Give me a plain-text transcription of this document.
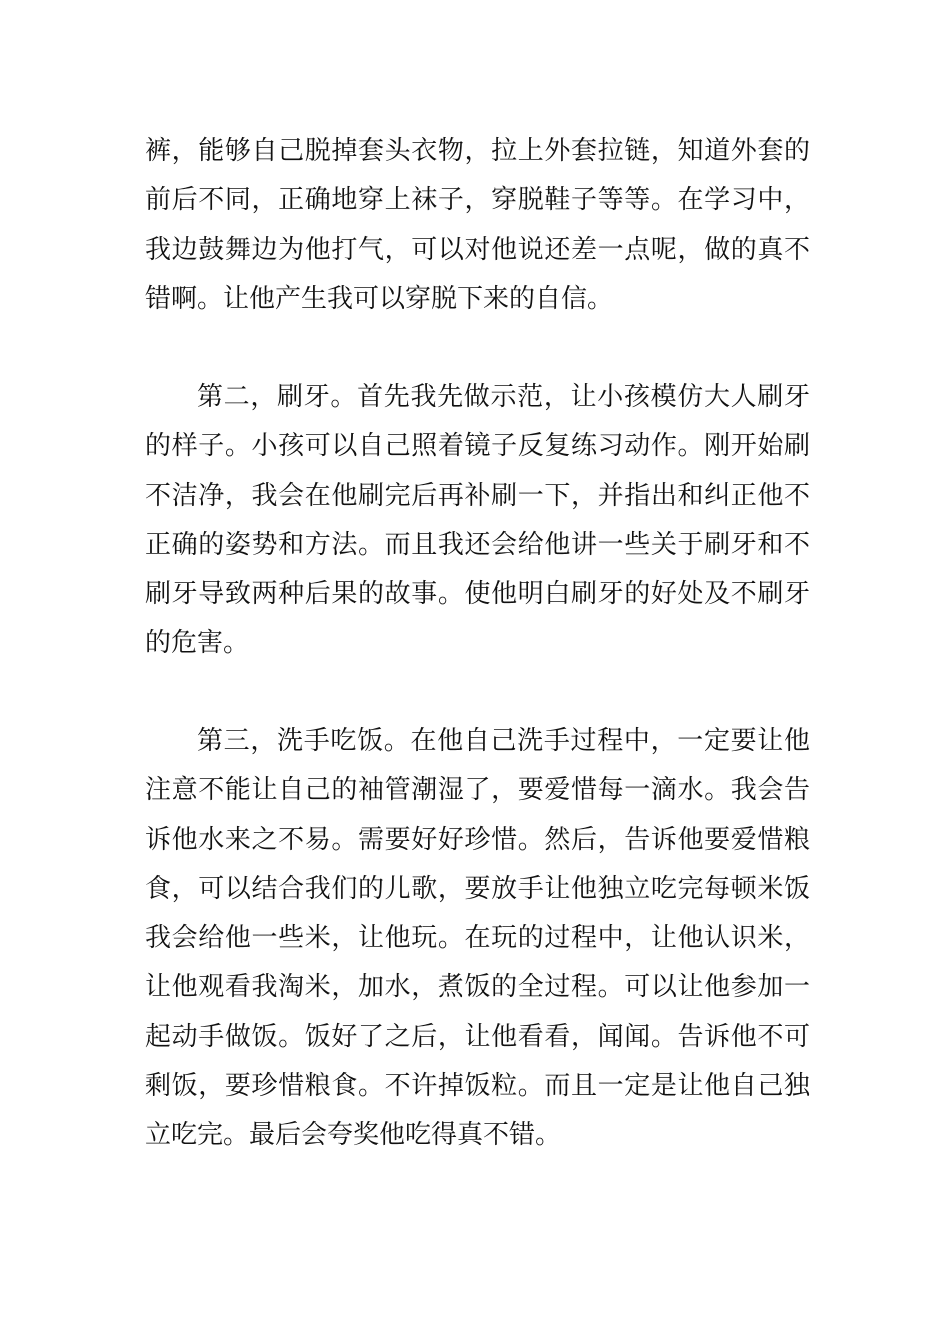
裤，能够自己脱掉套头衣物，拉上外套拉链，知道外套的前后不同，正确地穿上袜子，穿脱鞋子等等。在学习中，我边鼓舞边为他打气，可以对他说还差一点呢，做的真不错啊。让他产生我可以穿脱下来的自信。

第二，刷牙。首先我先做示范，让小孩模仿大人刷牙的样子。小孩可以自己照着镜子反复练习动作。刚开始刷不洁净，我会在他刷完后再补刷一下，并指出和纠正他不正确的姿势和方法。而且我还会给他讲一些关于刷牙和不刷牙导致两种后果的故事。使他明白刷牙的好处及不刷牙的危害。

第三，洗手吃饭。在他自己洗手过程中，一定要让他注意不能让自己的袖管潮湿了，要爱惜每一滴水。我会告诉他水来之不易。需要好好珍惜。然后，告诉他要爱惜粮食，可以结合我们的儿歌，要放手让他独立吃完每顿米饭我会给他一些米，让他玩。在玩的过程中，让他认识米，让他观看我淘米，加水，煮饭的全过程。可以让他参加一起动手做饭。饭好了之后，让他看看，闻闻。告诉他不可剩饭，要珍惜粮食。不许掉饭粒。而且一定是让他自己独立吃完。最后会夸奖他吃得真不错。
